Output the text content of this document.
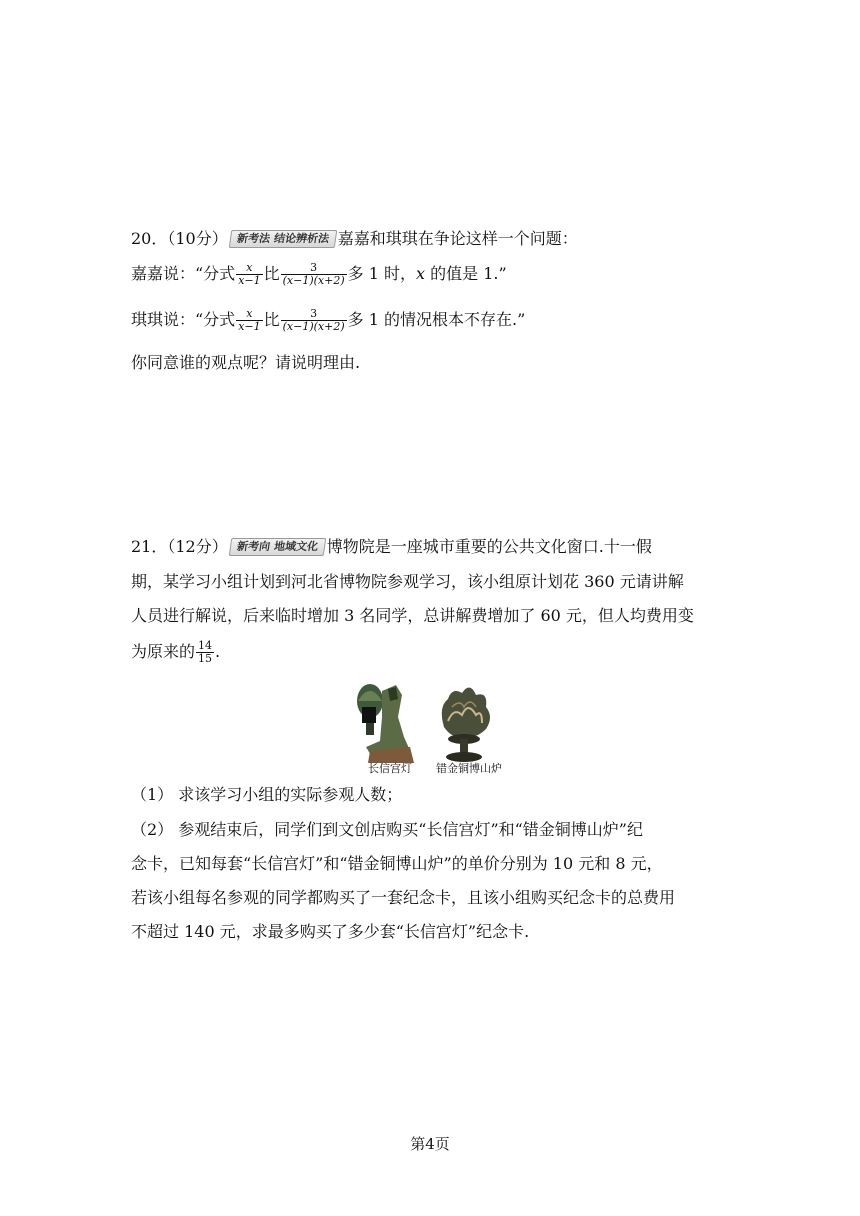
20．（10分） 新考法 结论辨析法 嘉嘉和琪琪在争论这样一个问题：
嘉嘉说：“分式 $\frac{x}{x-1}$ 比 $\frac{3}{(x-1)(x+2)}$ 多 1 时，x 的值是 1.”
琪琪说：“分式 $\frac{x}{x-1}$ 比 $\frac{3}{(x-1)(x+2)}$ 多 1 的情况根本不存在.”
你同意谁的观点呢？请说明理由.
21．（12分） 新考向 地域文化 博物院是一座城市重要的公共文化窗口.十一假
期，某学习小组计划到河北省博物院参观学习，该小组原计划花 360 元请讲解
人员进行解说，后来临时增加 3 名同学，总讲解费增加了 60 元，但人均费用变
为原来的 $\frac{14}{15}$ .
长信宫灯 错金铜博山炉
（1） 求该学习小组的实际参观人数；
（2） 参观结束后，同学们到文创店购买“长信宫灯”和“错金铜博山炉”纪
念卡，已知每套“长信宫灯”和“错金铜博山炉”的单价分别为 10 元和 8 元，
若该小组每名参观的同学都购买了一套纪念卡，且该小组购买纪念卡的总费用
不超过 140 元，求最多购买了多少套“长信宫灯”纪念卡.
第4页
